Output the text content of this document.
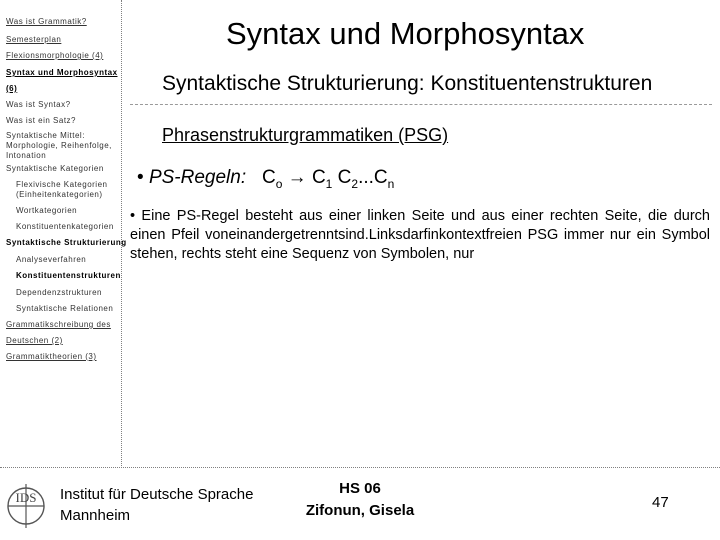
Was ist Grammatik?
Semesterplan
Flexionsmorphologie (4)
Syntax und Morphosyntax
(6)
Was ist Syntax?
Was ist ein Satz?
Syntaktische Mittel: Morphologie, Reihenfolge, Intonation
Syntaktische Kategorien
Flexivische Kategorien (Einheitenkategorien)
Wortkategorien
Konstituentenkategorien
Syntaktische Strukturierung
Analyseverfahren
Konstituentenstrukturen
Dependenzstrukturen
Syntaktische Relationen
Grammatikschreibung des
Deutschen (2)
Grammatiktheorien (3)
Syntax und Morphosyntax
Syntaktische Strukturierung: Konstituentenstrukturen
Phrasenstrukturgrammatiken (PSG)
• PS-Regeln: $C_o \to C_1$ $C_2...C_n$
• Eine PS-Regel besteht aus einer linken Seite und aus einer rechten Seite, die durch einen Pfeil voneinandergetrenntsind.Linksdarfinkontextfreien PSG immer nur ein Symbol stehen, rechts steht eine Sequenz von Symbolen, nur
IDS Institut für Deutsche Sprache
Mannheim
HS 06
Zifonun, Gisela	47
